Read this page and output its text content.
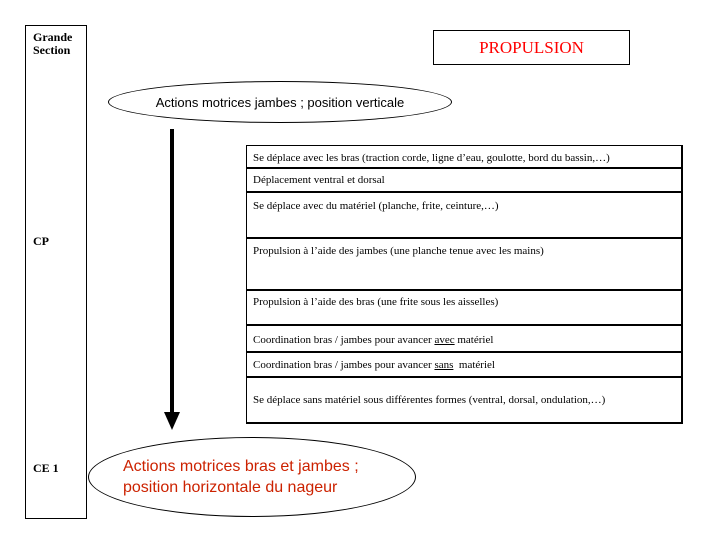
Grande
Section
CP
CE 1
PROPULSION
Actions motrices jambes ; position verticale
Se déplace avec les bras (traction corde, ligne d’eau, goulotte, bord du bassin,…)
Déplacement ventral et dorsal
Se déplace avec du matériel (planche, frite, ceinture,…)
Propulsion à l’aide des jambes (une planche tenue avec les mains)
Propulsion à l’aide des bras (une frite sous les aisselles)
Coordination bras / jambes pour avancer avec matériel
Coordination bras / jambes pour avancer sans matériel
Se déplace sans matériel sous différentes formes (ventral, dorsal, ondulation,…)
Actions motrices bras et jambes ;
position horizontale du nageur
